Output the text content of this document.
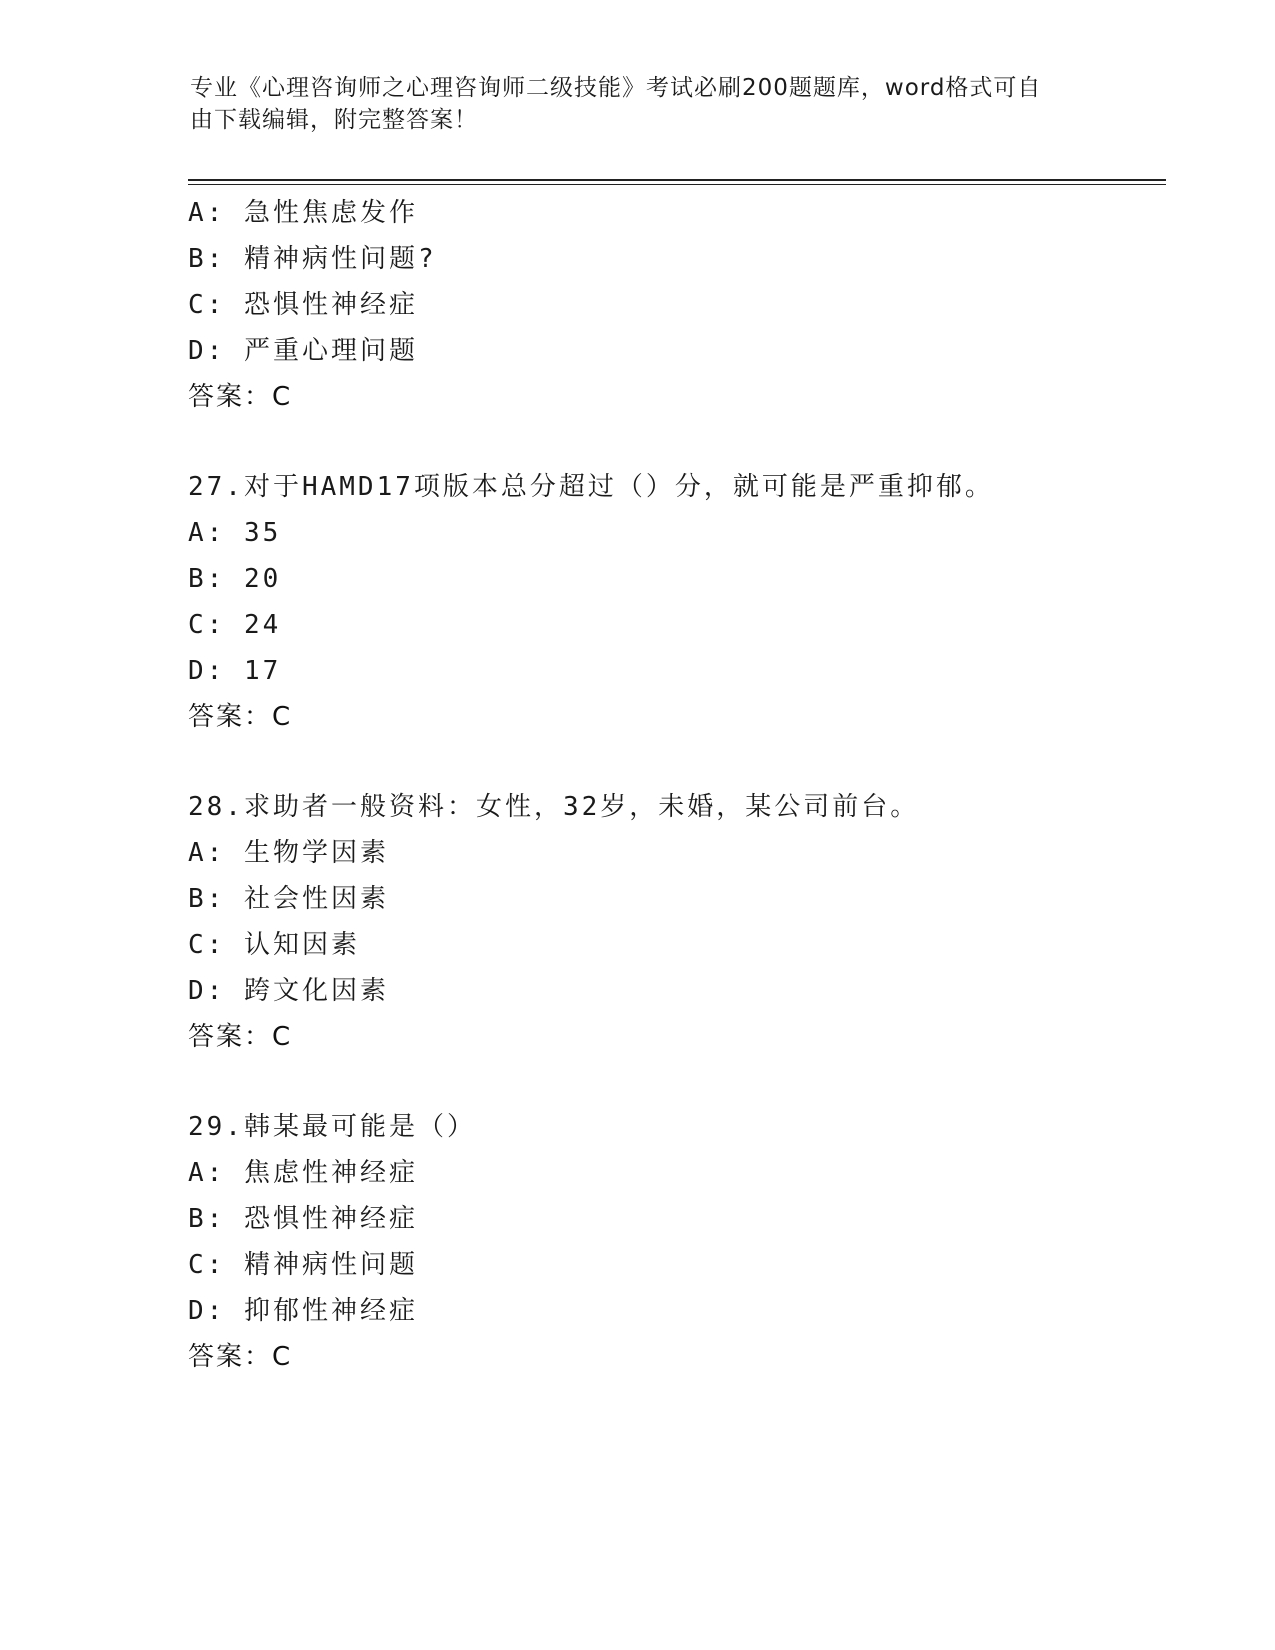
专业《心理咨询师之心理咨询师二级技能》考试必刷200题题库，word格式可自
由下载编辑，附完整答案！
A: 急性焦虑发作
B: 精神病性问题?
C: 恐惧性神经症
D: 严重心理问题
答案：C
27.对于HAMD17项版本总分超过（）分，就可能是严重抑郁。
A: 35
B: 20
C: 24
D: 17
答案：C
28.求助者一般资料：女性，32岁，未婚，某公司前台。
A: 生物学因素
B: 社会性因素
C: 认知因素
D: 跨文化因素
答案：C
29.韩某最可能是（）
A: 焦虑性神经症
B: 恐惧性神经症
C: 精神病性问题
D: 抑郁性神经症
答案：C
